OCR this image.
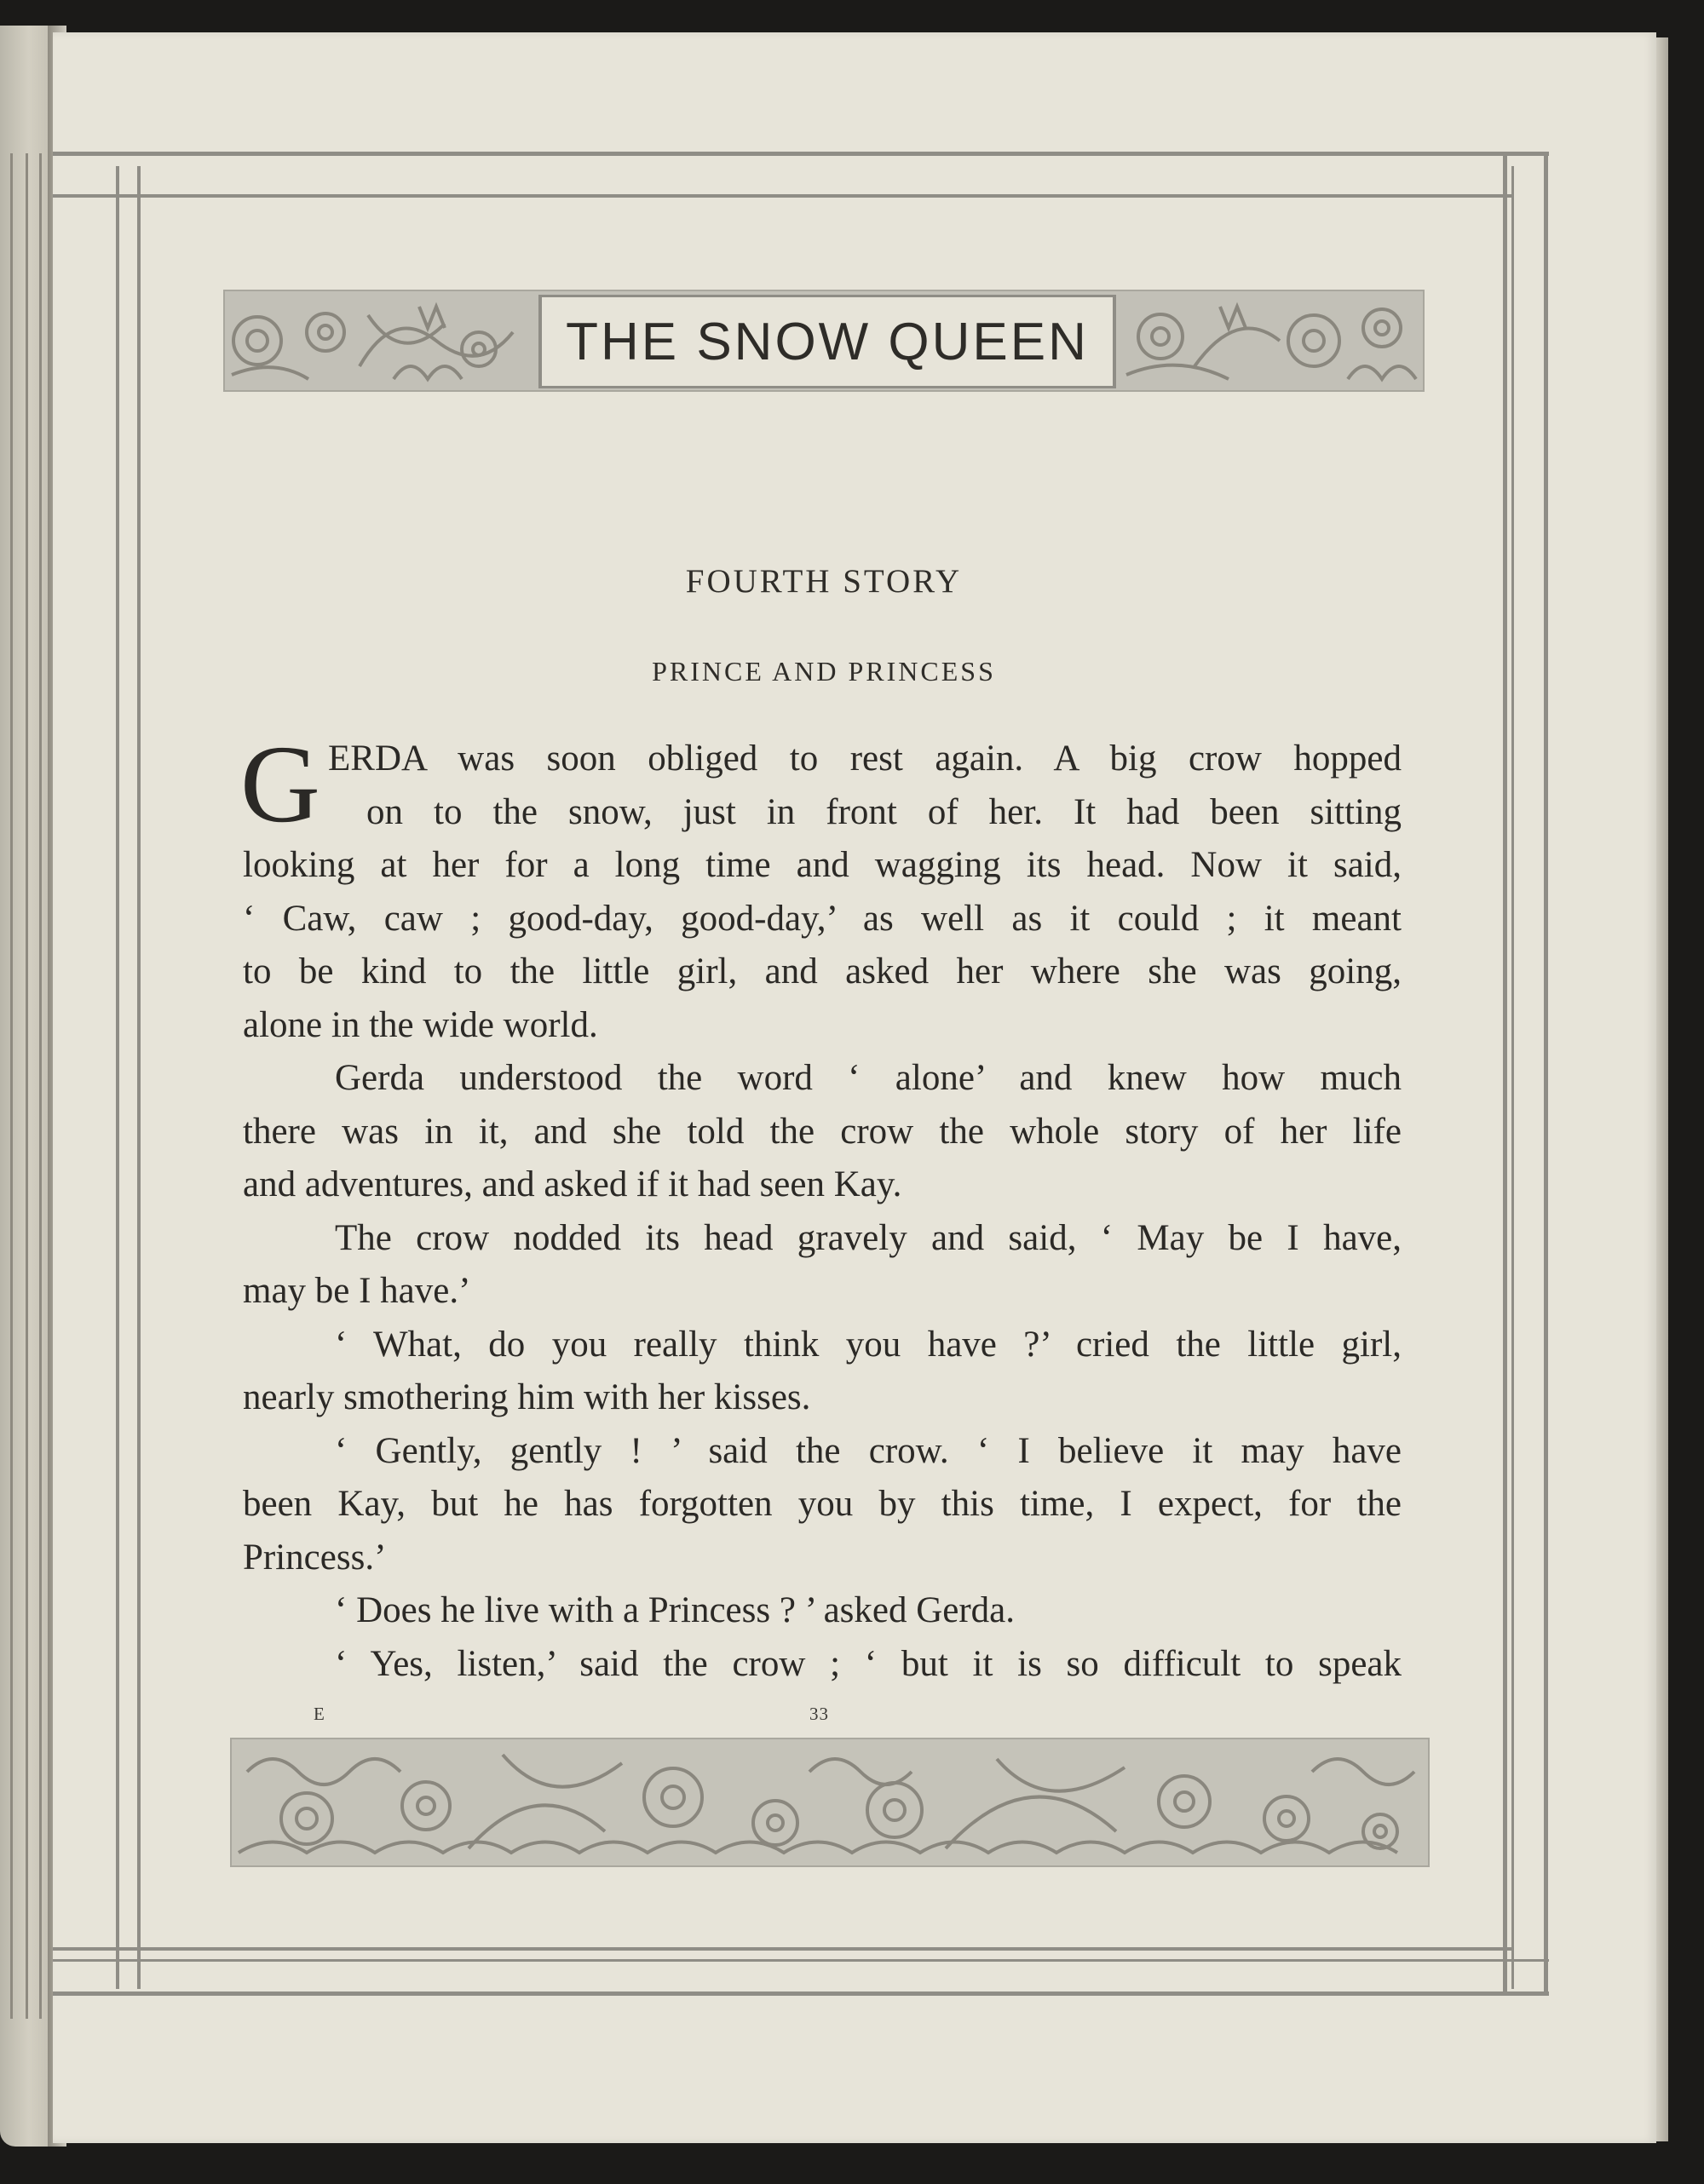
THE SNOW QUEEN
FOURTH STORY
PRINCE AND PRINCESS
G ERDA was soon obliged to rest again. A big crow hopped
on to the snow, just in front of her. It had been sitting
looking at her for a long time and wagging its head. Now it said,
‘ Caw, caw ; good-day, good-day,’ as well as it could ; it meant
to be kind to the little girl, and asked her where she was going,
alone in the wide world.
Gerda understood the word ‘ alone’ and knew how much
there was in it, and she told the crow the whole story of her life
and adventures, and asked if it had seen Kay.
The crow nodded its head gravely and said, ‘ May be I have,
may be I have.’
‘ What, do you really think you have ?’ cried the little girl,
nearly smothering him with her kisses.
‘ Gently, gently ! ’ said the crow. ‘ I believe it may have
been Kay, but he has forgotten you by this time, I expect, for the
Princess.’
‘ Does he live with a Princess ? ’ asked Gerda.
‘ Yes, listen,’ said the crow ; ‘ but it is so difficult to speak
E	33
